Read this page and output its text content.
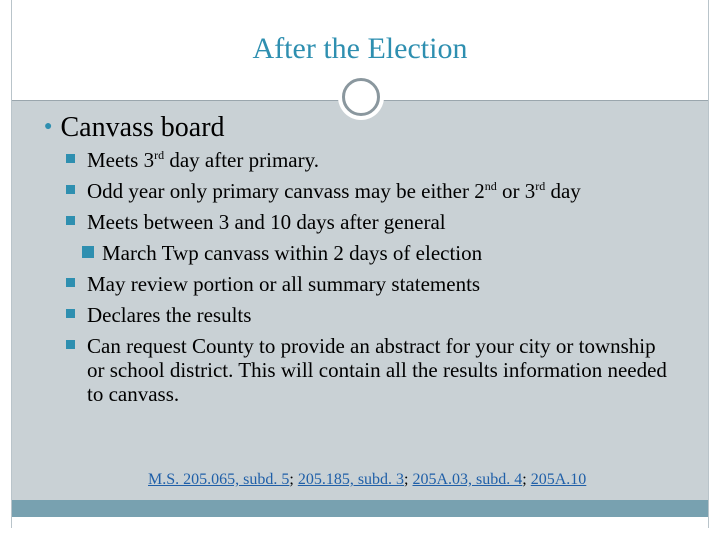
After the Election
● Canvass board
Meets 3rd day after primary.
Odd year only primary canvass may be either 2nd or 3rd day
Meets between 3 and 10 days after general
March Twp canvass within 2 days of election
May review portion or all summary statements
Declares the results
Can request County to provide an abstract for your city or township or school district. This will contain all the results information needed to canvass.
M.S. 205.065, subd. 5; 205.185, subd. 3; 205A.03, subd. 4; 205A.10
